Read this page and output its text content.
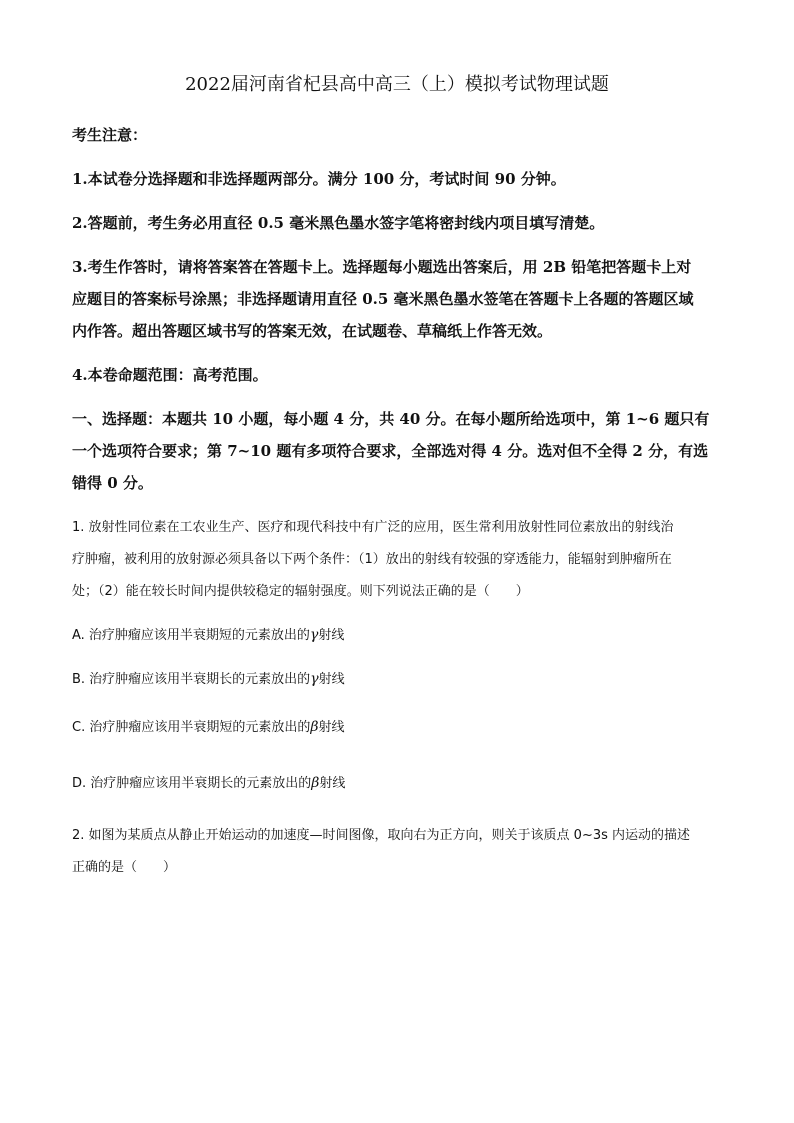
2022届河南省杞县高中高三（上）模拟考试物理试题
考生注意：
1.本试卷分选择题和非选择题两部分。满分 100 分，考试时间 90 分钟。
2.答题前，考生务必用直径 0.5 毫米黑色墨水签字笔将密封线内项目填写清楚。
3.考生作答时，请将答案答在答题卡上。选择题每小题选出答案后，用 2B 铅笔把答题卡上对
应题目的答案标号涂黑；非选择题请用直径 0.5 毫米黑色墨水签笔在答题卡上各题的答题区域
内作答。超出答题区域书写的答案无效，在试题卷、草稿纸上作答无效。
4.本卷命题范围：高考范围。
一、选择题：本题共 10 小题，每小题 4 分，共 40 分。在每小题所给选项中，第 1~6 题只有
一个选项符合要求；第 7~10 题有多项符合要求，全部选对得 4 分。选对但不全得 2 分，有选
错得 0 分。
1. 放射性同位素在工农业生产、医疗和现代科技中有广泛的应用，医生常利用放射性同位素放出的射线治
疗肿瘤，被利用的放射源必须具备以下两个条件：（1）放出的射线有较强的穿透能力，能辐射到肿瘤所在
处；（2）能在较长时间内提供较稳定的辐射强度。则下列说法正确的是（　　）
A. 治疗肿瘤应该用半衰期短的元素放出的γ射线
B. 治疗肿瘤应该用半衰期长的元素放出的γ射线
C. 治疗肿瘤应该用半衰期短的元素放出的β射线
D. 治疗肿瘤应该用半衰期长的元素放出的β射线
2. 如图为某质点从静止开始运动的加速度—时间图像，取向右为正方向，则关于该质点 0~3s 内运动的描述
正确的是（　　）
